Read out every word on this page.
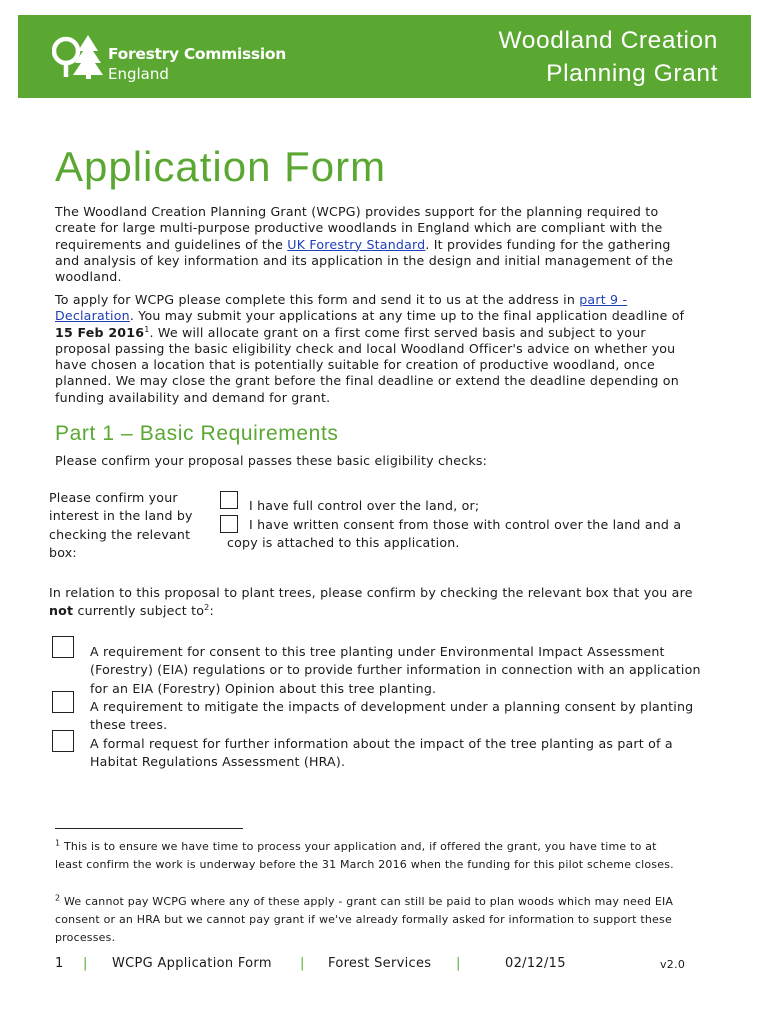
Forestry Commission
England
Woodland Creation
Planning Grant
Application Form
The Woodland Creation Planning Grant (WCPG) provides support for the planning required to create for large multi-purpose productive woodlands in England which are compliant with the requirements and guidelines of the UK Forestry Standard. It provides funding for the gathering and analysis of key information and its application in the design and initial management of the woodland.
To apply for WCPG please complete this form and send it to us at the address in part 9 - Declaration. You may submit your applications at any time up to the final application deadline of 15 Feb 2016$^1$. We will allocate grant on a first come first served basis and subject to your proposal passing the basic eligibility check and local Woodland Officer's advice on whether you have chosen a location that is potentially suitable for creation of productive woodland, once planned. We may close the grant before the final deadline or extend the deadline depending on funding availability and demand for grant.
Part 1 – Basic Requirements
Please confirm your proposal passes these basic eligibility checks:
Please confirm your interest in the land by checking the relevant box:
I have full control over the land, or;
I have written consent from those with control over the land and a copy is attached to this application.
In relation to this proposal to plant trees, please confirm by checking the relevant box that you are not currently subject $to^2$:
A requirement for consent to this tree planting under Environmental Impact Assessment (Forestry) (EIA) regulations or to provide further information in connection with an application for an EIA (Forestry) Opinion about this tree planting.
A requirement to mitigate the impacts of development under a planning consent by planting these trees.
A formal request for further information about the impact of the tree planting as part of a Habitat Regulations Assessment (HRA).
$^1$ This is to ensure we have time to process your application and, if offered the grant, you have time to at least confirm the work is underway before the 31 March 2016 when the funding for this pilot scheme closes.
$^2$ We cannot pay WCPG where any of these apply - grant can still be paid to plan woods which may need EIA consent or an HRA but we cannot pay grant if we've already formally asked for information to support these processes.
1 | WCPG Application Form | Forest Services |	02/12/15	v2.0
